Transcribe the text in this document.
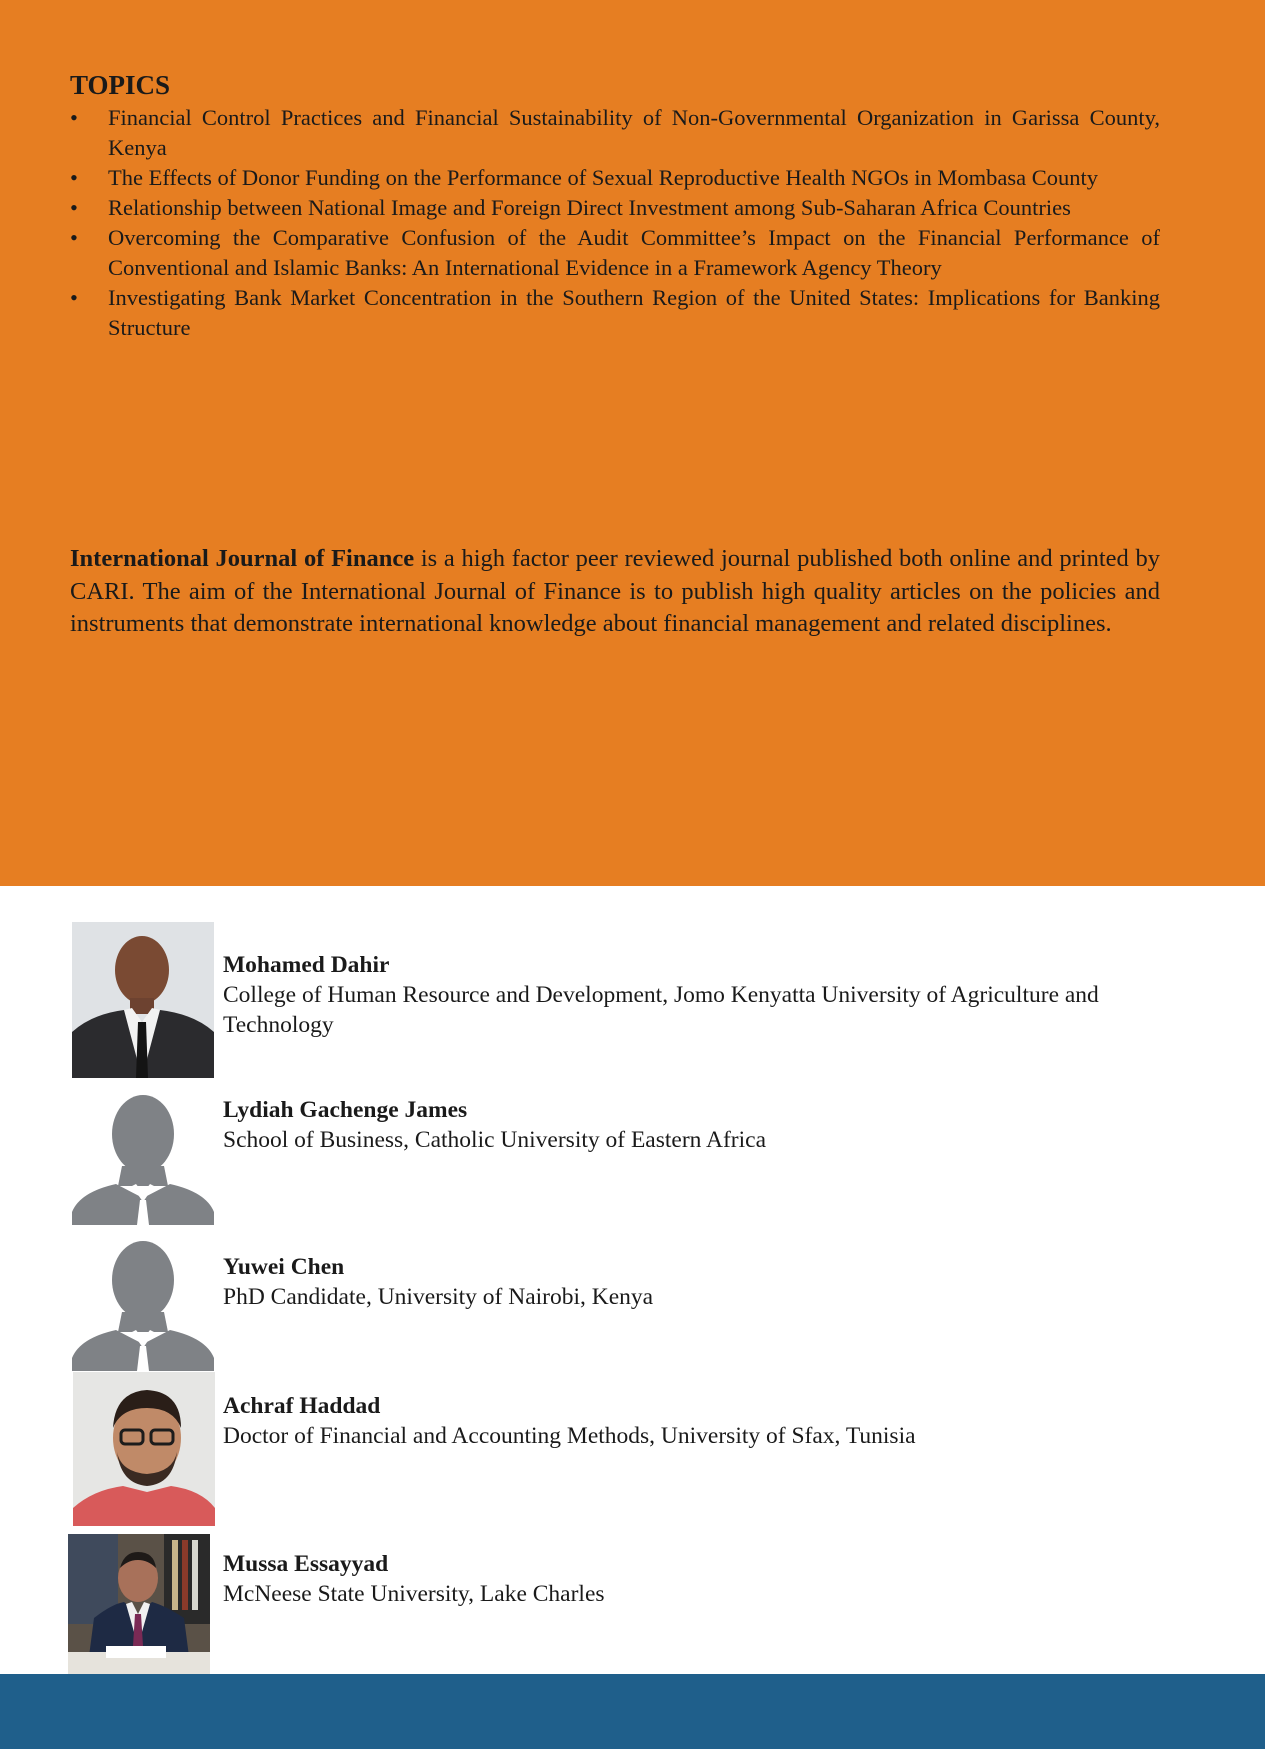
TOPICS
• Financial Control Practices and Financial Sustainability of Non-Governmental Organization in Garissa County, Kenya
• The Effects of Donor Funding on the Performance of Sexual Reproductive Health NGOs in Mombasa County
• Relationship between National Image and Foreign Direct Investment among Sub-Saharan Africa Countries
• Overcoming the Comparative Confusion of the Audit Committee’s Impact on the Financial Performance of Conventional and Islamic Banks: An International Evidence in a Framework Agency Theory
• Investigating Bank Market Concentration in the Southern Region of the United States: Implications for Banking Structure

International Journal of Finance is a high factor peer reviewed journal published both online and printed by CARI. The aim of the International Journal of Finance is to publish high quality articles on the policies and instruments that demonstrate international knowledge about financial management and related disciplines.

Mohamed Dahir
College of Human Resource and Development, Jomo Kenyatta University of Agriculture and Technology
Lydiah Gachenge James
School of Business, Catholic University of Eastern Africa
Yuwei Chen
PhD Candidate, University of Nairobi, Kenya
Achraf Haddad
Doctor of Financial and Accounting Methods, University of Sfax, Tunisia
Mussa Essayyad
McNeese State University, Lake Charles
